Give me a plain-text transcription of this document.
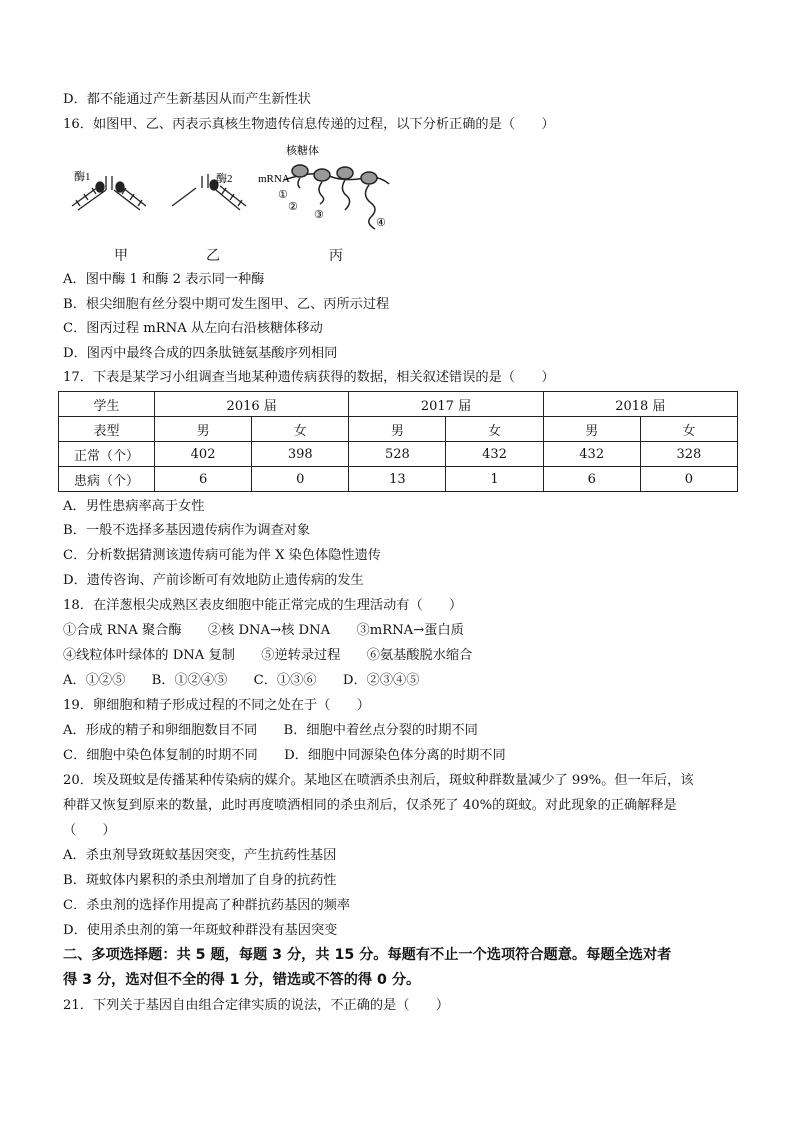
D．都不能通过产生新基因从而产生新性状
16．如图甲、乙、丙表示真核生物遗传信息传递的过程，以下分析正确的是（　　）
酶1	酶2
核糖体
mRNA
①
②
③
④
甲	乙	丙
A．图中酶 1 和酶 2 表示同一种酶
B．根尖细胞有丝分裂中期可发生图甲、乙、丙所示过程
C．图丙过程 mRNA 从左向右沿核糖体移动
D．图丙中最终合成的四条肽链氨基酸序列相同
17．下表是某学习小组调查当地某种遗传病获得的数据，相关叙述错误的是（　　）
学生	2016 届		2017 届		2018 届	
表型	男	女	男	女	男	女
正常（个）	402	398	528	432	432	328
患病（个）	6	0	13	1	6	0
A．男性患病率高于女性
B．一般不选择多基因遗传病作为调查对象
C．分析数据猜测该遗传病可能为伴 X 染色体隐性遗传
D．遗传咨询、产前诊断可有效地防止遗传病的发生
18．在洋葱根尖成熟区表皮细胞中能正常完成的生理活动有（　　）
①合成 RNA 聚合酶　　②核 DNA→核 DNA　　③mRNA→蛋白质
④线粒体叶绿体的 DNA 复制　　⑤逆转录过程　　⑥氨基酸脱水缩合
A．①②⑤　　B．①②④⑤　　C．①③⑥　　D．②③④⑤
19．卵细胞和精子形成过程的不同之处在于（　　）
A．形成的精子和卵细胞数目不同　　B．细胞中着丝点分裂的时期不同
C．细胞中染色体复制的时期不同　　D．细胞中同源染色体分离的时期不同
20．埃及斑蚊是传播某种传染病的媒介。某地区在喷洒杀虫剂后，斑蚊种群数量减少了 99%。但一年后，该
种群又恢复到原来的数量，此时再度喷洒相同的杀虫剂后，仅杀死了 40%的斑蚊。对此现象的正确解释是
（　　）
A．杀虫剂导致斑蚊基因突变，产生抗药性基因
B．斑蚊体内累积的杀虫剂增加了自身的抗药性
C．杀虫剂的选择作用提高了种群抗药基因的频率
D．使用杀虫剂的第一年斑蚊种群没有基因突变
二、多项选择题：共 5 题，每题 3 分，共 15 分。每题有不止一个选项符合题意。每题全选对者
得 3 分，选对但不全的得 1 分，错选或不答的得 0 分。
21．下列关于基因自由组合定律实质的说法，不正确的是（　　）
